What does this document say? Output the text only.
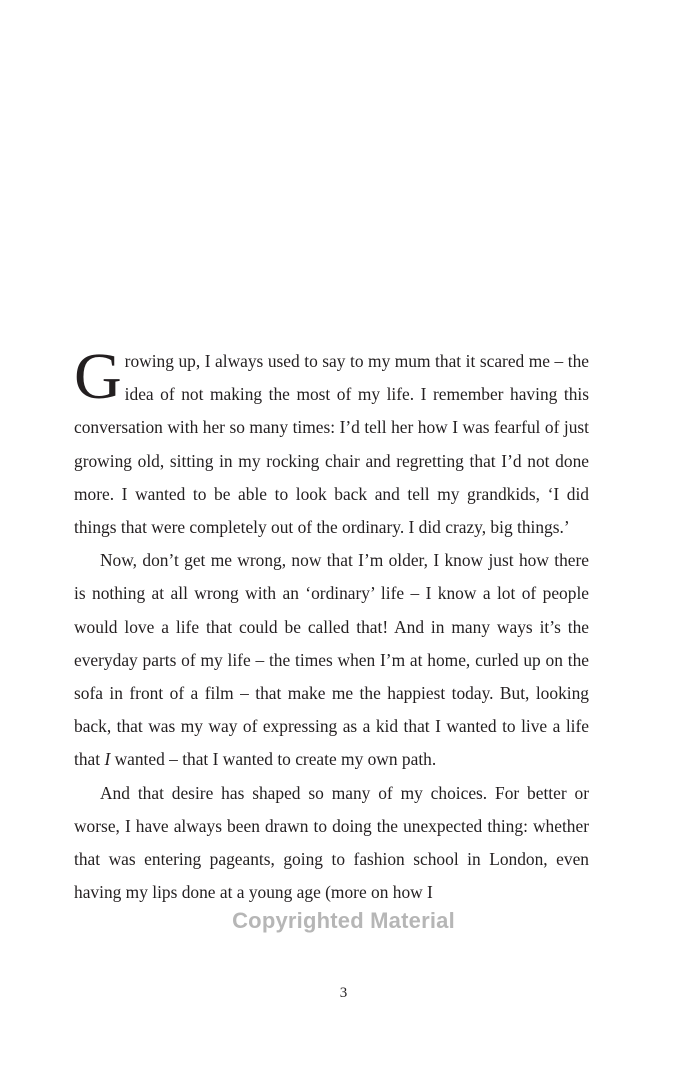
Growing up, I always used to say to my mum that it scared me – the idea of not making the most of my life. I remember having this conversation with her so many times: I’d tell her how I was fearful of just growing old, sitting in my rocking chair and regretting that I’d not done more. I wanted to be able to look back and tell my grandkids, ‘I did things that were completely out of the ordinary. I did crazy, big things.’

Now, don’t get me wrong, now that I’m older, I know just how there is nothing at all wrong with an ‘ordinary’ life – I know a lot of people would love a life that could be called that! And in many ways it’s the everyday parts of my life – the times when I’m at home, curled up on the sofa in front of a film – that make me the happiest today. But, looking back, that was my way of expressing as a kid that I wanted to live a life that I wanted – that I wanted to create my own path.

And that desire has shaped so many of my choices. For better or worse, I have always been drawn to doing the unexpected thing: whether that was entering pageants, going to fashion school in London, even having my lips done at a young age (more on how I

Copyrighted Material
3
